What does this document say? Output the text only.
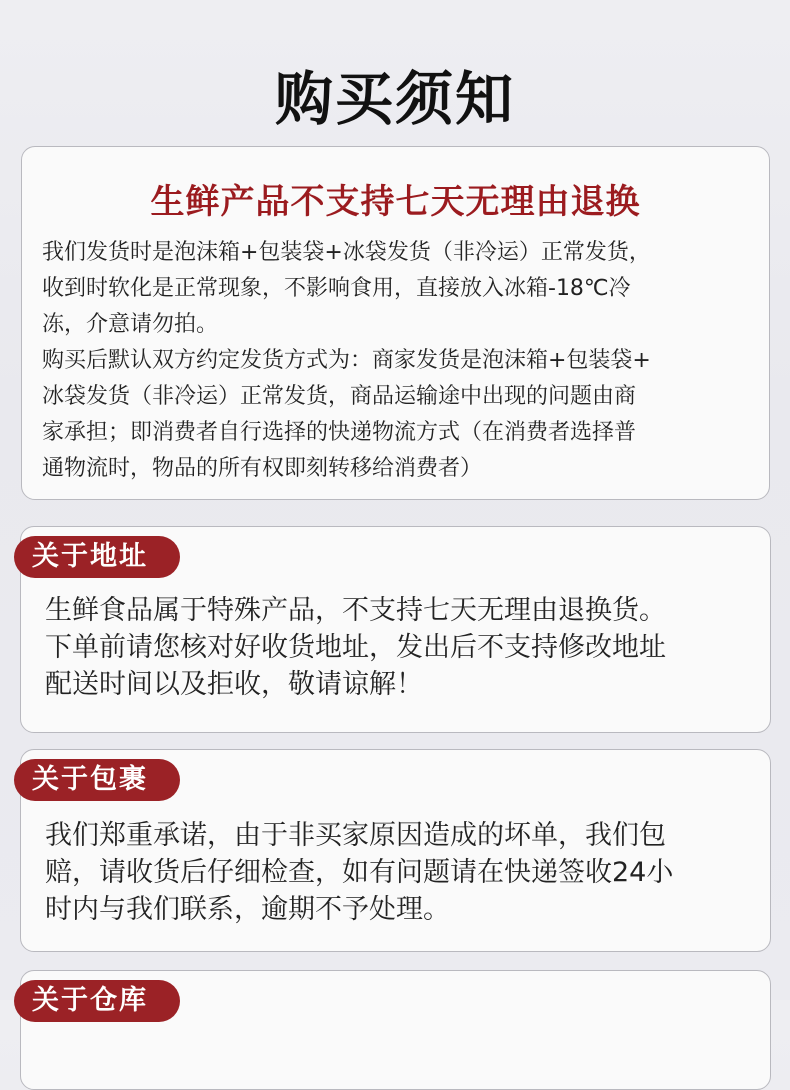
购买须知
生鲜产品不支持七天无理由退换

我们发货时是泡沫箱+包装袋+冰袋发货（非冷运）正常发货，

收到时软化是正常现象，不影响食用，直接放入冰箱-18℃冷

冻，介意请勿拍。

购买后默认双方约定发货方式为：商家发货是泡沫箱+包装袋+

冰袋发货（非冷运）正常发货，商品运输途中出现的问题由商

家承担；即消费者自行选择的快递物流方式（在消费者选择普

通物流时，物品的所有权即刻转移给消费者）

关于地址

生鲜食品属于特殊产品，不支持七天无理由退换货。

下单前请您核对好收货地址，发出后不支持修改地址

配送时间以及拒收，敬请谅解！

关于包裹

我们郑重承诺，由于非买家原因造成的坏单，我们包

赔，请收货后仔细检查，如有问题请在快递签收24小

时内与我们联系，逾期不予处理。

关于仓库
